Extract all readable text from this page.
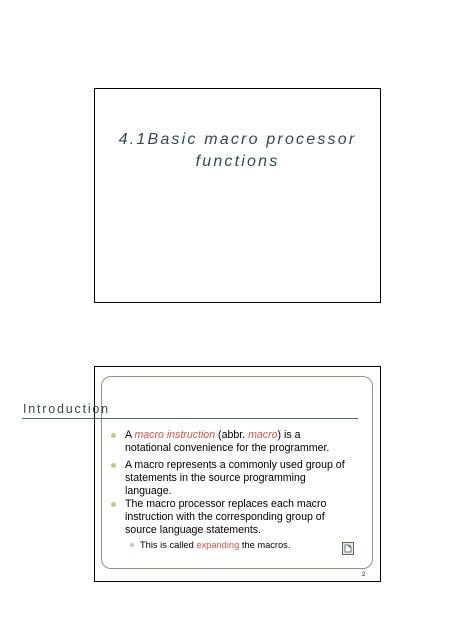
4.1Basic macro processor
functions
Introduction
A macro instruction (abbr. macro) is a
notational convenience for the programmer.
A macro represents a commonly used group of
statements in the source programming
language.
The macro processor replaces each macro
instruction with the corresponding group of
source language statements.
This is called expanding the macros.
2
